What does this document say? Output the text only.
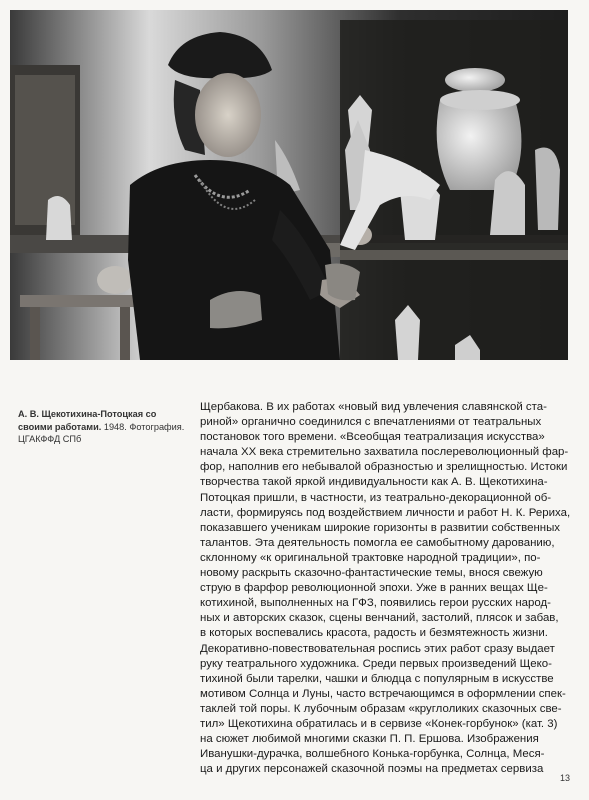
А. В. Щекотихина-Потоцкая со своими работами. 1948. Фотография. ЦГАКФФД СПб
Щербакова. В их работах «новый вид увлечения славянской ста-
риной» органично соединился с впечатлениями от театральных
постановок того времени. «Всеобщая театрализация искусства»
начала XX века стремительно захватила послереволюционный фар-
фор, наполнив его небывалой образностью и зрелищностью. Истоки
творчества такой яркой индивидуальности как А. В. Щекотихина-
Потоцкая пришли, в частности, из театрально-декорационной об-
ласти, формируясь под воздействием личности и работ Н. К. Рериха,
показавшего ученикам широкие горизонты в развитии собственных
талантов. Эта деятельность помогла ее самобытному дарованию,
склонному «к оригинальной трактовке народной традиции», по-
новому раскрыть сказочно-фантастические темы, внося свежую
струю в фарфор революционной эпохи. Уже в ранних вещах Ще-
котихиной, выполненных на ГФЗ, появились герои русских народ-
ных и авторских сказок, сцены венчаний, застолий, плясок и забав,
в которых воспевались красота, радость и безмятежность жизни.
Декоративно-повествовательная роспись этих работ сразу выдает
руку театрального художника. Среди первых произведений Щеко-
тихиной были тарелки, чашки и блюдца с популярным в искусстве
мотивом Солнца и Луны, часто встречающимся в оформлении спек-
таклей той поры. К лубочным образам «круглоликих сказочных све-
тил» Щекотихина обратилась и в сервизе «Конек-горбунок» (кат. 3)
на сюжет любимой многими сказки П. П. Ершова. Изображения
Иванушки-дурачка, волшебного Конька-горбунка, Солнца, Меся-
ца и других персонажей сказочной поэмы на предметах сервиза
13
